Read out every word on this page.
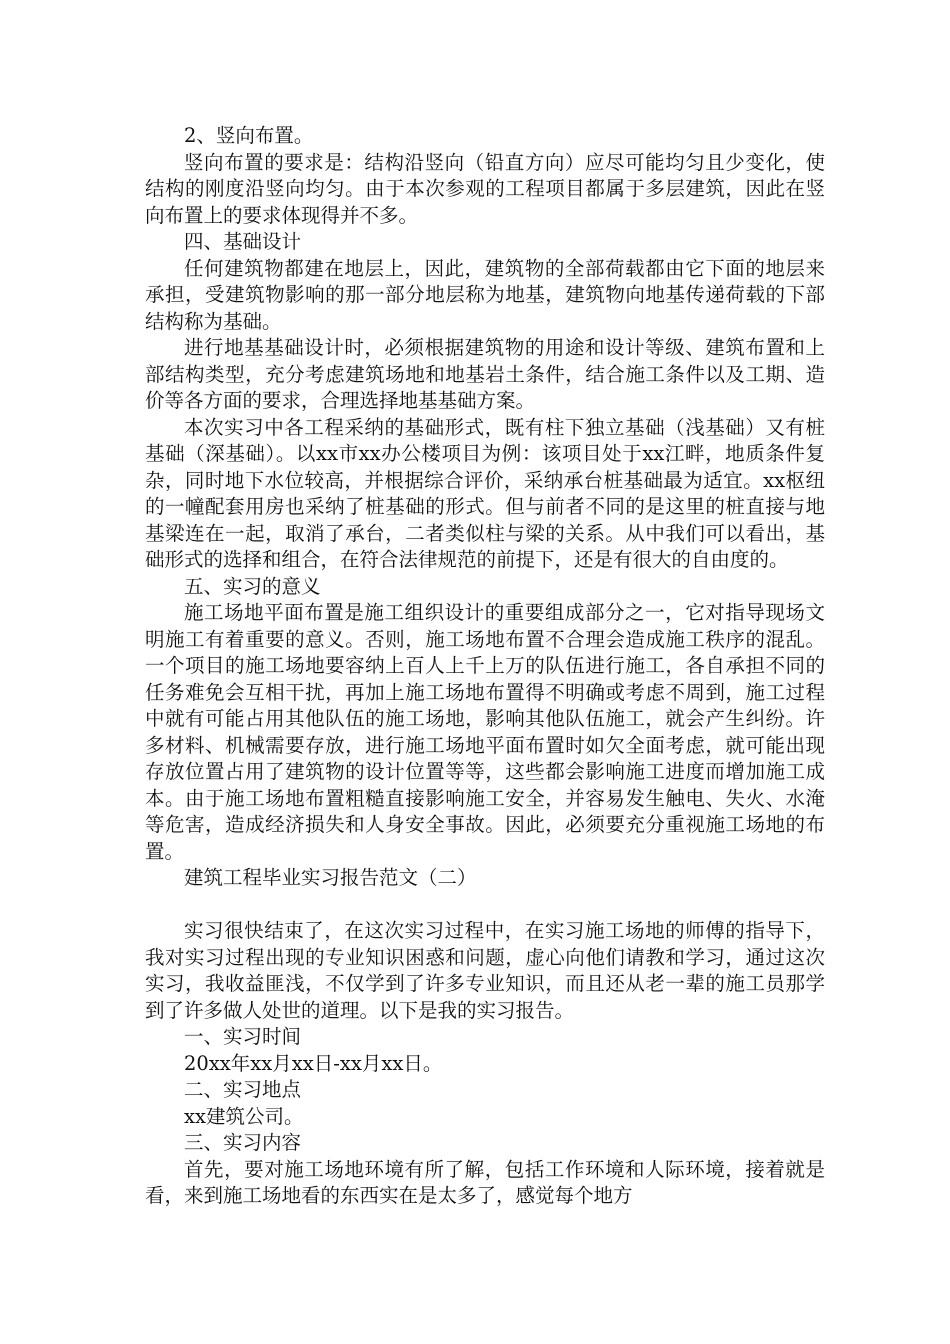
2、竖向布置。

竖向布置的要求是：结构沿竖向（铅直方向）应尽可能均匀且少变化，使结构的刚度沿竖向均匀。由于本次参观的工程项目都属于多层建筑，因此在竖向布置上的要求体现得并不多。

四、基础设计

任何建筑物都建在地层上，因此，建筑物的全部荷载都由它下面的地层来承担，受建筑物影响的那一部分地层称为地基，建筑物向地基传递荷载的下部结构称为基础。

进行地基基础设计时，必须根据建筑物的用途和设计等级、建筑布置和上部结构类型，充分考虑建筑场地和地基岩土条件，结合施工条件以及工期、造价等各方面的要求，合理选择地基基础方案。

本次实习中各工程采纳的基础形式，既有柱下独立基础（浅基础）又有桩基础（深基础）。以xx市xx办公楼项目为例：该项目处于xx江畔，地质条件复杂，同时地下水位较高，并根据综合评价，采纳承台桩基础最为适宜。xx枢纽的一幢配套用房也采纳了桩基础的形式。但与前者不同的是这里的桩直接与地基梁连在一起，取消了承台，二者类似柱与梁的关系。从中我们可以看出，基础形式的选择和组合，在符合法律规范的前提下，还是有很大的自由度的。

五、实习的意义

施工场地平面布置是施工组织设计的重要组成部分之一，它对指导现场文明施工有着重要的意义。否则，施工场地布置不合理会造成施工秩序的混乱。一个项目的施工场地要容纳上百人上千上万的队伍进行施工，各自承担不同的任务难免会互相干扰，再加上施工场地布置得不明确或考虑不周到，施工过程中就有可能占用其他队伍的施工场地，影响其他队伍施工，就会产生纠纷。许多材料、机械需要存放，进行施工场地平面布置时如欠全面考虑，就可能出现存放位置占用了建筑物的设计位置等等，这些都会影响施工进度而增加施工成本。由于施工场地布置粗糙直接影响施工安全，并容易发生触电、失火、水淹等危害，造成经济损失和人身安全事故。因此，必须要充分重视施工场地的布置。

建筑工程毕业实习报告范文（二）

实习很快结束了，在这次实习过程中，在实习施工场地的师傅的指导下，我对实习过程出现的专业知识困惑和问题，虚心向他们请教和学习，通过这次实习，我收益匪浅，不仅学到了许多专业知识，而且还从老一辈的施工员那学到了许多做人处世的道理。以下是我的实习报告。

一、实习时间

20xx年xx月xx日-xx月xx日。

二、实习地点

xx建筑公司。

三、实习内容

首先，要对施工场地环境有所了解，包括工作环境和人际环境，接着就是看，来到施工场地看的东西实在是太多了，感觉每个地方
